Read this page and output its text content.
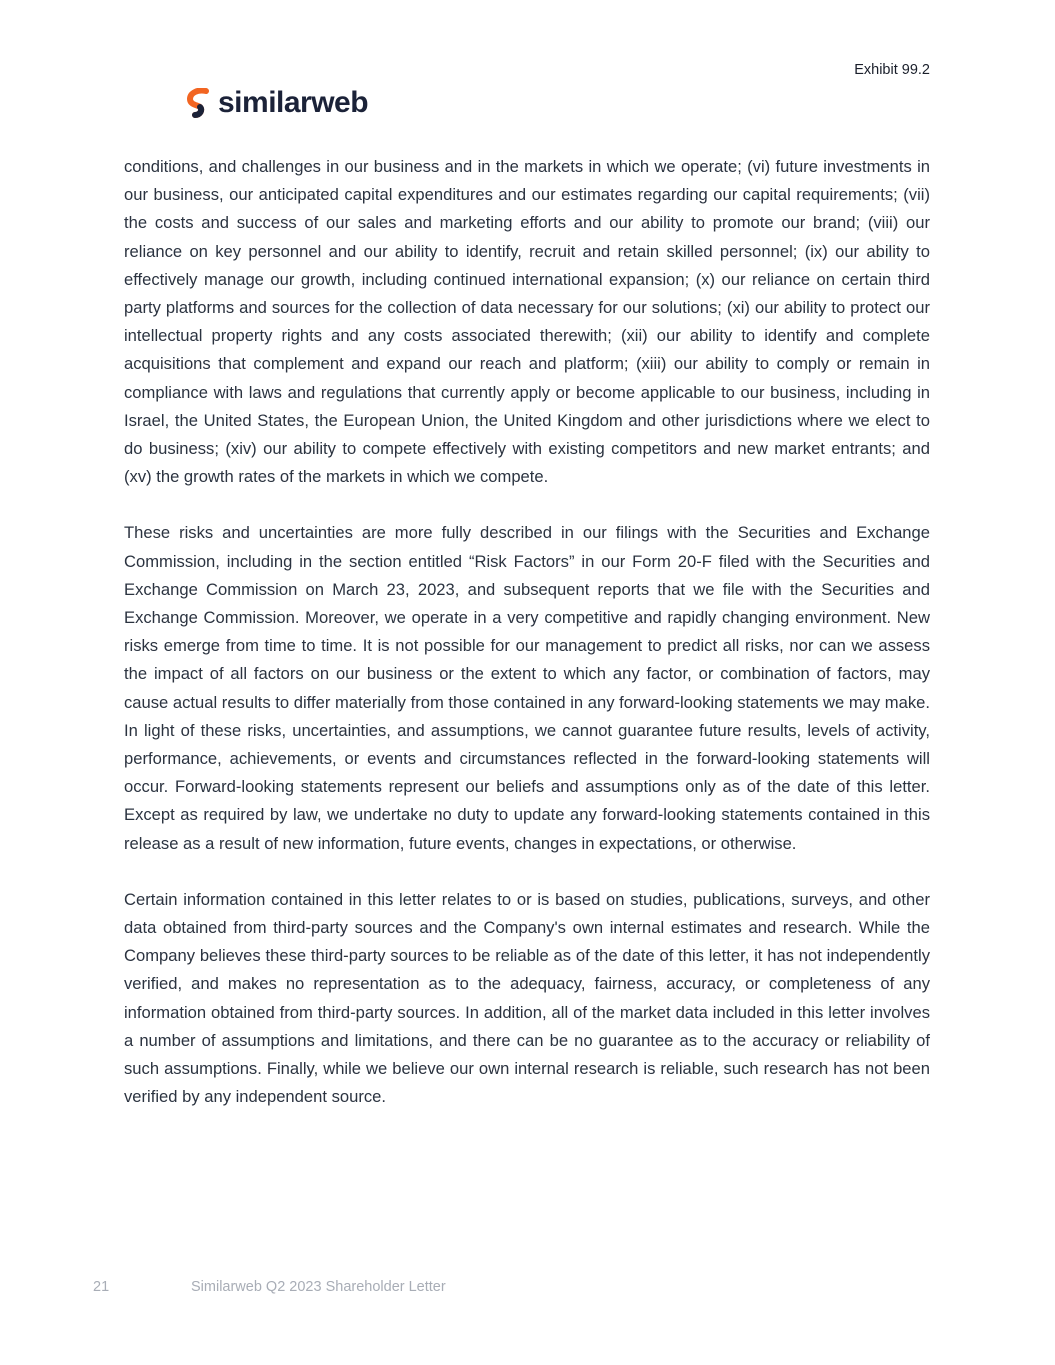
Exhibit 99.2
similarweb

conditions, and challenges in our business and in the markets in which we operate; (vi) future investments in our business, our anticipated capital expenditures and our estimates regarding our capital requirements; (vii) the costs and success of our sales and marketing efforts and our ability to promote our brand; (viii) our reliance on key personnel and our ability to identify, recruit and retain skilled personnel; (ix) our ability to effectively manage our growth, including continued international expansion; (x) our reliance on certain third party platforms and sources for the collection of data necessary for our solutions; (xi) our ability to protect our intellectual property rights and any costs associated therewith; (xii) our ability to identify and complete acquisitions that complement and expand our reach and platform; (xiii) our ability to comply or remain in compliance with laws and regulations that currently apply or become applicable to our business, including in Israel, the United States, the European Union, the United Kingdom and other jurisdictions where we elect to do business; (xiv) our ability to compete effectively with existing competitors and new market entrants; and (xv) the growth rates of the markets in which we compete.

These risks and uncertainties are more fully described in our filings with the Securities and Exchange Commission, including in the section entitled “Risk Factors” in our Form 20-F filed with the Securities and Exchange Commission on March 23, 2023, and subsequent reports that we file with the Securities and Exchange Commission. Moreover, we operate in a very competitive and rapidly changing environment. New risks emerge from time to time. It is not possible for our management to predict all risks, nor can we assess the impact of all factors on our business or the extent to which any factor, or combination of factors, may cause actual results to differ materially from those contained in any forward-looking statements we may make. In light of these risks, uncertainties, and assumptions, we cannot guarantee future results, levels of activity, performance, achievements, or events and circumstances reflected in the forward-looking statements will occur. Forward-looking statements represent our beliefs and assumptions only as of the date of this letter. Except as required by law, we undertake no duty to update any forward-looking statements contained in this release as a result of new information, future events, changes in expectations, or otherwise.

Certain information contained in this letter relates to or is based on studies, publications, surveys, and other data obtained from third-party sources and the Company's own internal estimates and research. While the Company believes these third-party sources to be reliable as of the date of this letter, it has not independently verified, and makes no representation as to the adequacy, fairness, accuracy, or completeness of any information obtained from third-party sources. In addition, all of the market data included in this letter involves a number of assumptions and limitations, and there can be no guarantee as to the accuracy or reliability of such assumptions. Finally, while we believe our own internal research is reliable, such research has not been verified by any independent source.

21	Similarweb Q2 2023 Shareholder Letter
